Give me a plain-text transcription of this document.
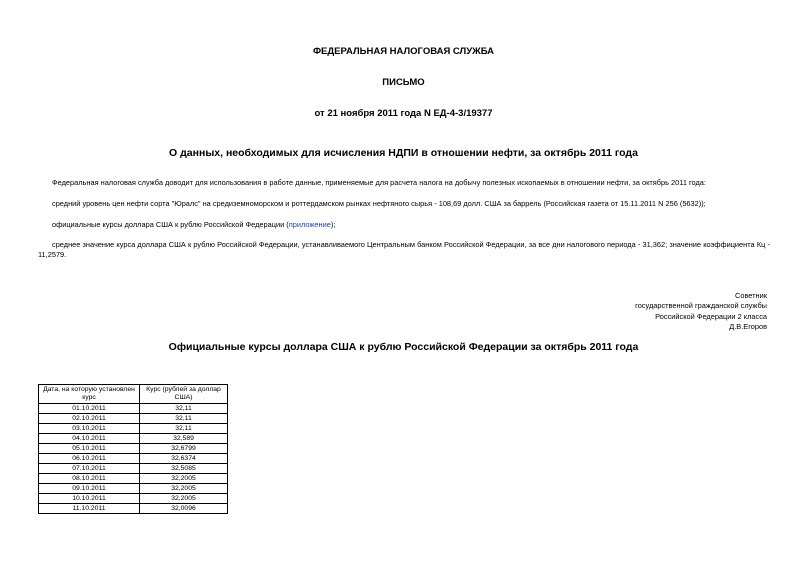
ФЕДЕРАЛЬНАЯ НАЛОГОВАЯ СЛУЖБА
ПИСЬМО
от 21 ноября 2011 года N ЕД-4-3/19377
О данных, необходимых для исчисления НДПИ в отношении нефти, за октябрь 2011 года
Федеральная налоговая служба доводит для использования в работе данные, применяемые для расчета налога на добычу полезных ископаемых в отношении нефти, за октябрь 2011 года:
средний уровень цен нефти сорта "Юралс" на средиземноморском и роттердамском рынках нефтяного сырья - 108,69 долл. США за баррель (Российская газета от 15.11.2011 N 256 (5632));
официальные курсы доллара США к рублю Российской Федерации (приложение);
среднее значение курса доллара США к рублю Российской Федерации, устанавливаемого Центральным банком Российской Федерации, за все дни налогового периода - 31,362; значение коэффициента Кц - 11,2579.
Советник
государственной гражданской службы
Российской Федерации 2 класса
Д.В.Егоров
Официальные курсы доллара США к рублю Российской Федерации за октябрь 2011 года
Дата, на которую установлен курс	Курс (рублей за доллар США)
01.10.2011	32,11
02.10.2011	32,11
03.10.2011	32,11
04.10.2011	32,589
05.10.2011	32,6799
06.10.2011	32,6374
07.10.2011	32,5085
08.10.2011	32,2005
09.10.2011	32,2005
10.10.2011	32,2005
11.10.2011	32,0096
